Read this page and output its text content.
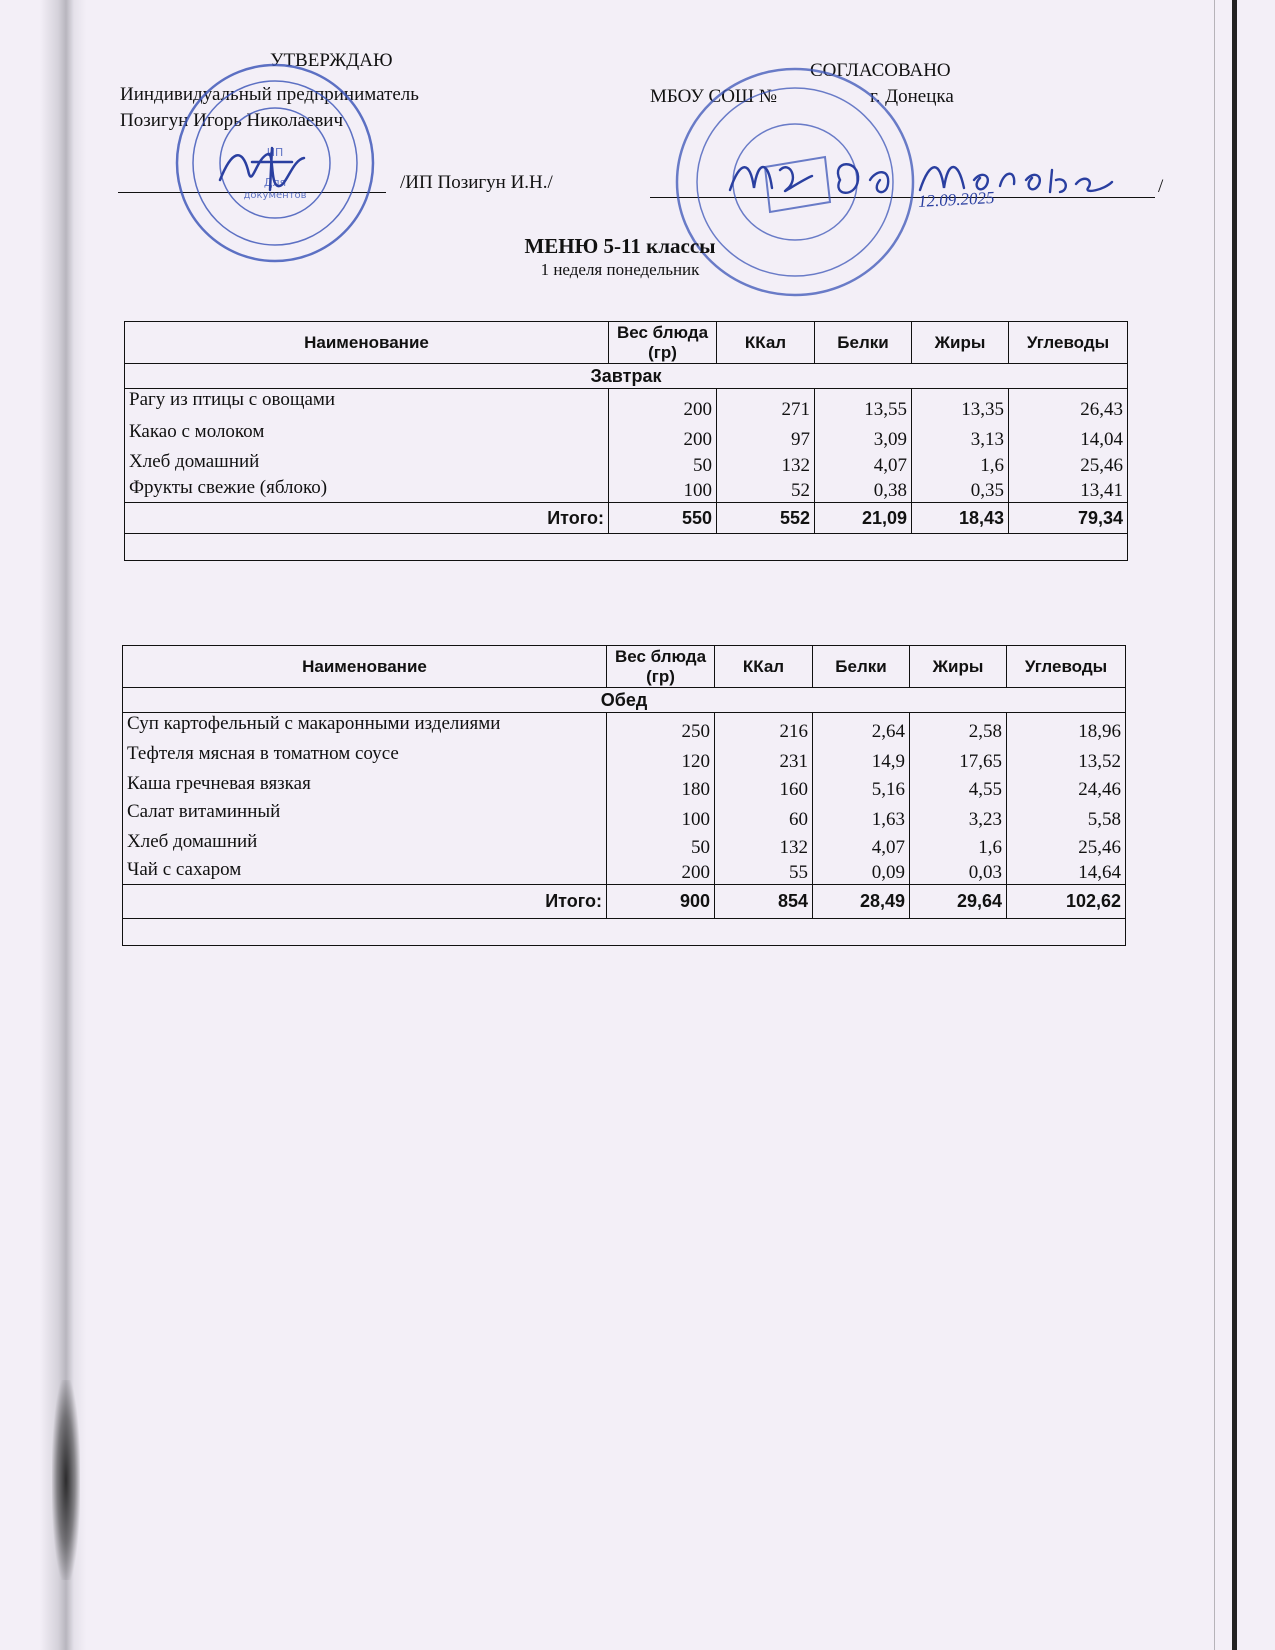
УТВЕРЖДАЮ
Ииндивидуальный предприниматель
Позигун Игорь Николаевич
/ИП Позигун И.Н./
СОГЛАСОВАНО
МБОУ СОШ №	г. Донецка
/
ИП
Для
документов	12.09.2025
МЕНЮ 5-11 классы
1 неделя понедельник
Наименование	Вес блюда (гр)	ККал	Белки	Жиры	Углеводы
Завтрак					
Рагу из птицы с овощами	200	271	13,55	13,35	26,43
Какао с молоком	200	97	3,09	3,13	14,04
Хлеб домашний	50	132	4,07	1,6	25,46
Фрукты свежие (яблоко)	100	52	0,38	0,35	13,41
Итого:	550	552	21,09	18,43	79,34

Наименование	Вес блюда (гр)	ККал	Белки	Жиры	Углеводы
Обед					
Суп картофельный с макаронными изделиями	250	216	2,64	2,58	18,96
Тефтеля мясная в томатном соусе	120	231	14,9	17,65	13,52
Каша гречневая вязкая	180	160	5,16	4,55	24,46
Салат витаминный	100	60	1,63	3,23	5,58
Хлеб домашний	50	132	4,07	1,6	25,46
Чай с сахаром	200	55	0,09	0,03	14,64
Итого:	900	854	28,49	29,64	102,62
